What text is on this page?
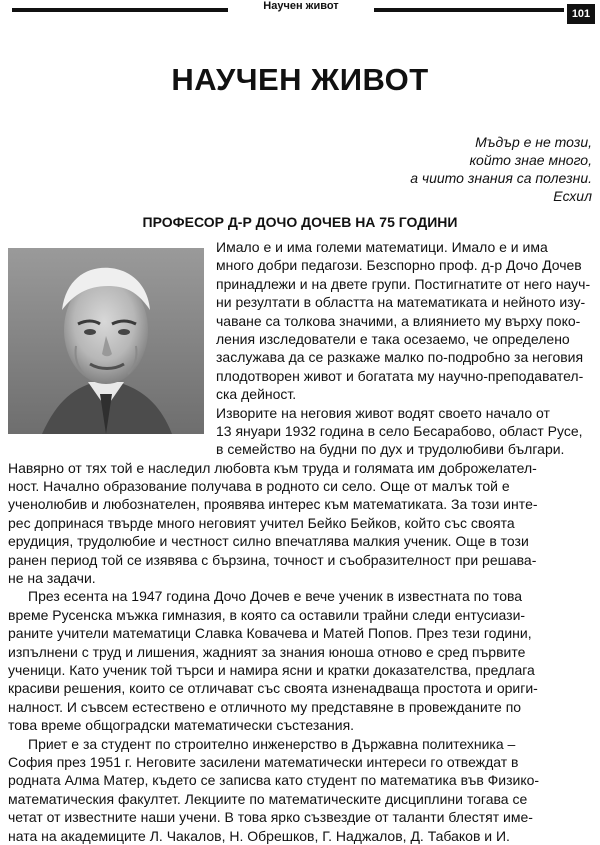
Научен живот
101
НАУЧЕН ЖИВОТ
Мъдър е не този,
който знае много,
а чиито знания са полезни.
Есхил
ПРОФЕСОР Д-Р ДОЧО ДОЧЕВ НА 75 ГОДИНИ
Имало е и има големи математици. Имало е и има
много добри педагози. Безспорно проф. д-р Дочо Дочев
принадлежи и на двете групи. Постигнатите от него науч-
ни резултати в областта на математиката и нейното изу-
чаване са толкова значими, а влиянието му върху поко-
ления изследователи е така осезаемо, че определено
заслужава да се разкаже малко по-подробно за неговия
плодотворен живот и богатата му научно-преподавател-
ска дейност.
Изворите на неговия живот водят своето начало от
13 януари 1932 година в село Бесарабово, област Русе,
в семейство на будни по дух и трудолюбиви българи.
Навярно от тях той е наследил любовта към труда и голямата им доброжелател-
ност. Начално образование получава в родното си село. Още от малък той е
ученолюбив и любознателен, проявява интерес към математиката. За този интe-
рес допринася твърде много неговият учител Бейко Бейков, който със своята
ерудиция, трудолюбие и честност силно впечатлява малкия ученик. Още в този
ранен период той се изявява с бързина, точност и съобразителност при решава-
не на задачи.
През есента на 1947 година Дочо Дочев е вече ученик в известната по това
време Русенска мъжка гимназия, в която са оставили трайни следи ентусиази-
раните учители математици Славка Ковачева и Матей Попов. През тези години,
изпълнени с труд и лишения, жадният за знания юноша отново е сред първите
ученици. Като ученик той търси и намира ясни и кратки доказателства, предлага
красиви решения, които се отличават със своята изненадваща простота и ориги-
налност. И съвсем естествено е отличното му представяне в провежданите по
това време общоградски математически състезания.
Приет е за студент по строително инженерство в Държавна политехника –
София през 1951 г. Неговите засилени математически интереси го отвеждат в
родната Алма Матер, където се записва като студент по математика във Физико-
математическия факултет. Лекциите по математическите дисциплини тогава се
четат от известните наши учени. В това ярко съзвездие от таланти блестят име-
ната на академиците Л. Чакалов, Н. Обрешков, Г. Наджалов, Д. Табаков и И.
